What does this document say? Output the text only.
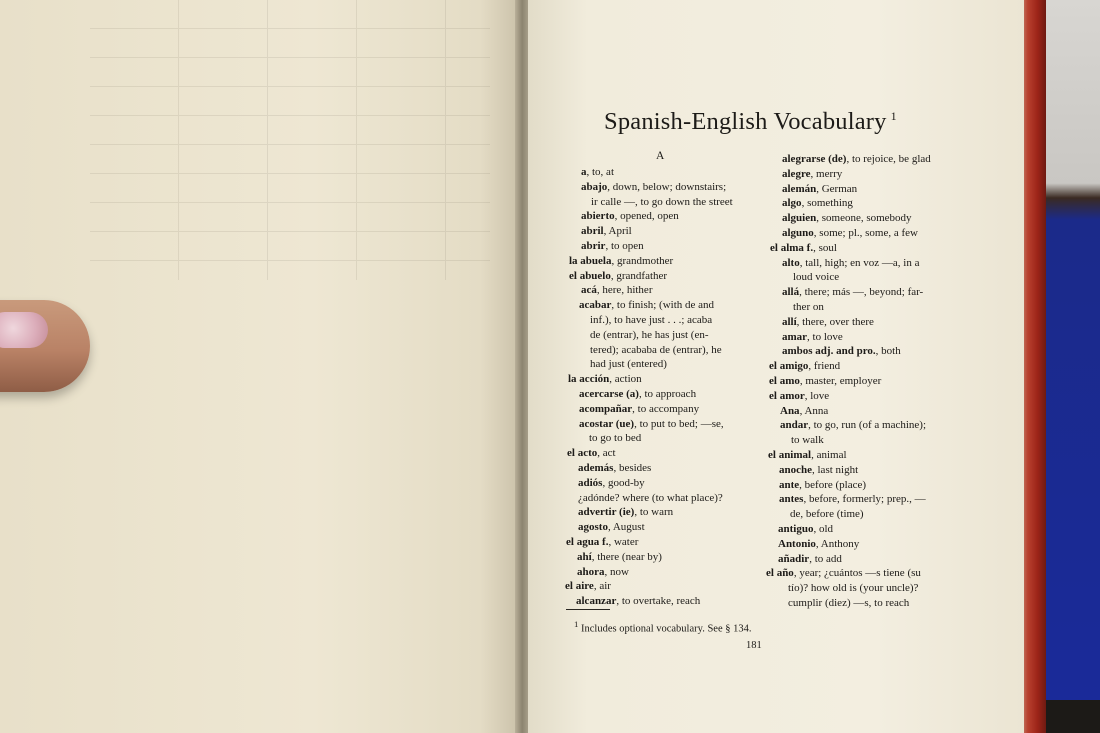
Spanish-English Vocabulary $^1$
A
a, to, at
abajo, down, below; downstairs;
ir calle —, to go down the street
abierto, opened, open
abril, April
abrir, to open
la abuela, grandmother
el abuelo, grandfather
acá, here, hither
acabar, to finish; (with de and
inf.), to have just . . .; acaba
de (entrar), he has just (en-
tered); acababa de (entrar), he
had just (entered)
la acción, action
acercarse (a), to approach
acompañar, to accompany
acostar (ue), to put to bed; —se,
to go to bed
el acto, act
además, besides
adiós, good-by
¿adónde? where (to what place)?
advertir (ie), to warn
agosto, August
el agua f., water
ahí, there (near by)
ahora, now
el aire, air
alcanzar, to overtake, reach
alegrarse (de), to rejoice, be glad
alegre, merry
alemán, German
algo, something
alguien, someone, somebody
alguno, some; pl., some, a few
el alma f., soul
alto, tall, high; en voz —a, in a
loud voice
allá, there; más —, beyond; far-
ther on
allí, there, over there
amar, to love
ambos adj. and pro., both
el amigo, friend
el amo, master, employer
el amor, love
Ana, Anna
andar, to go, run (of a machine);
to walk
el animal, animal
anoche, last night
ante, before (place)
antes, before, formerly; prep., —
de, before (time)
antiguo, old
Antonio, Anthony
añadir, to add
el año, year; ¿cuántos —s tiene (su
tío)? how old is (your uncle)?
cumplir (diez) —s, to reach
$^1$ Includes optional vocabulary. See § 134.
181
